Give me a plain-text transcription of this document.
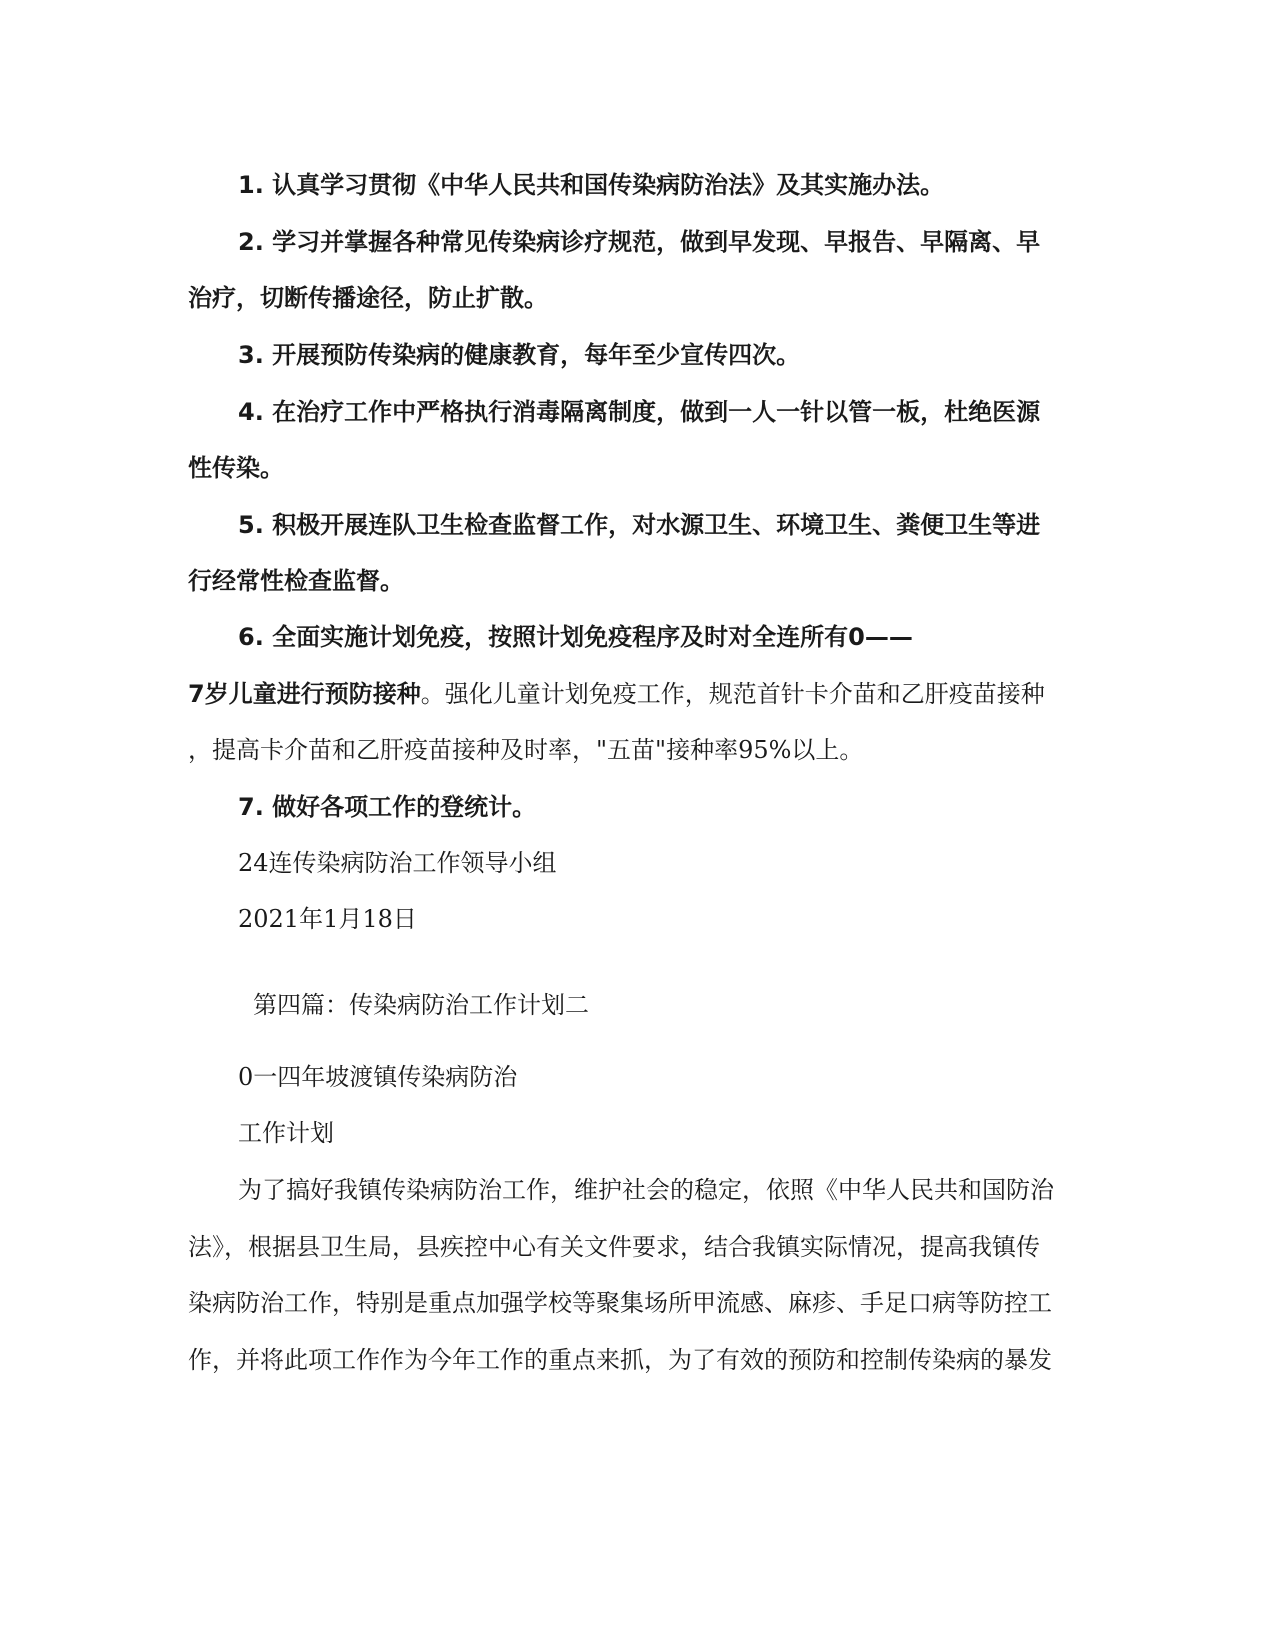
1. 认真学习贯彻《中华人民共和国传染病防治法》及其实施办法。
2. 学习并掌握各种常见传染病诊疗规范，做到早发现、早报告、早隔离、早
治疗，切断传播途径，防止扩散。
3. 开展预防传染病的健康教育，每年至少宣传四次。
4. 在治疗工作中严格执行消毒隔离制度，做到一人一针以管一板，杜绝医源
性传染。
5. 积极开展连队卫生检查监督工作，对水源卫生、环境卫生、粪便卫生等进
行经常性检查监督。
6. 全面实施计划免疫，按照计划免疫程序及时对全连所有0——
7岁儿童进行预防接种。强化儿童计划免疫工作，规范首针卡介苗和乙肝疫苗接种
，提高卡介苗和乙肝疫苗接种及时率，"五苗"接种率95%以上。
7. 做好各项工作的登统计。
24连传染病防治工作领导小组
2021年1月18日
第四篇：传染病防治工作计划二
0一四年坡渡镇传染病防治
工作计划
为了搞好我镇传染病防治工作，维护社会的稳定，依照《中华人民共和国防治
法》，根据县卫生局，县疾控中心有关文件要求，结合我镇实际情况，提高我镇传
染病防治工作，特别是重点加强学校等聚集场所甲流感、麻疹、手足口病等防控工
作，并将此项工作作为今年工作的重点来抓，为了有效的预防和控制传染病的暴发
